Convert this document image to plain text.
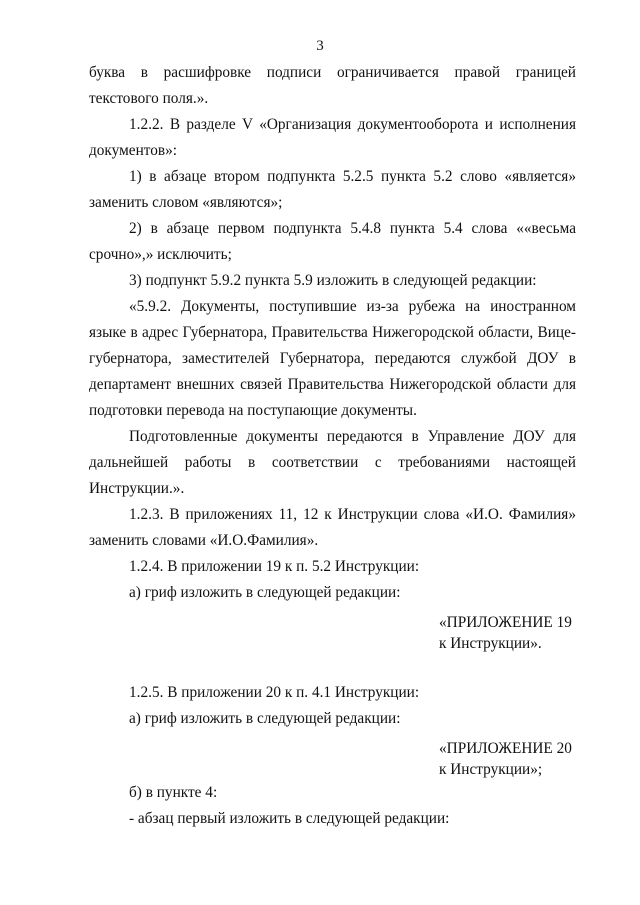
3

буква в расшифровке подписи ограничивается правой границей текстового поля.».

1.2.2. В разделе V «Организация документооборота и исполнения документов»:

1) в абзаце втором подпункта 5.2.5 пункта 5.2 слово «является» заменить словом «являются»;

2) в абзаце первом подпункта 5.4.8 пункта 5.4 слова ««весьма срочно»,» исключить;

3) подпункт 5.9.2 пункта 5.9 изложить в следующей редакции:

«5.9.2. Документы, поступившие из-за рубежа на иностранном языке в адрес Губернатора, Правительства Нижегородской области, Вице-губернатора, заместителей Губернатора, передаются службой ДОУ в департамент внешних связей Правительства Нижегородской области для подготовки перевода на поступающие документы.

Подготовленные документы передаются в Управление ДОУ для дальнейшей работы в соответствии с требованиями настоящей Инструкции.».

1.2.3. В приложениях 11, 12 к Инструкции слова «И.О. Фамилия» заменить словами «И.О.Фамилия».

1.2.4. В приложении 19 к п. 5.2 Инструкции:

а) гриф изложить в следующей редакции:

«ПРИЛОЖЕНИЕ 19
к Инструкции».

1.2.5. В приложении 20 к п. 4.1 Инструкции:

а) гриф изложить в следующей редакции:

«ПРИЛОЖЕНИЕ 20
к Инструкции»;

б) в пункте 4:

- абзац первый изложить в следующей редакции:
